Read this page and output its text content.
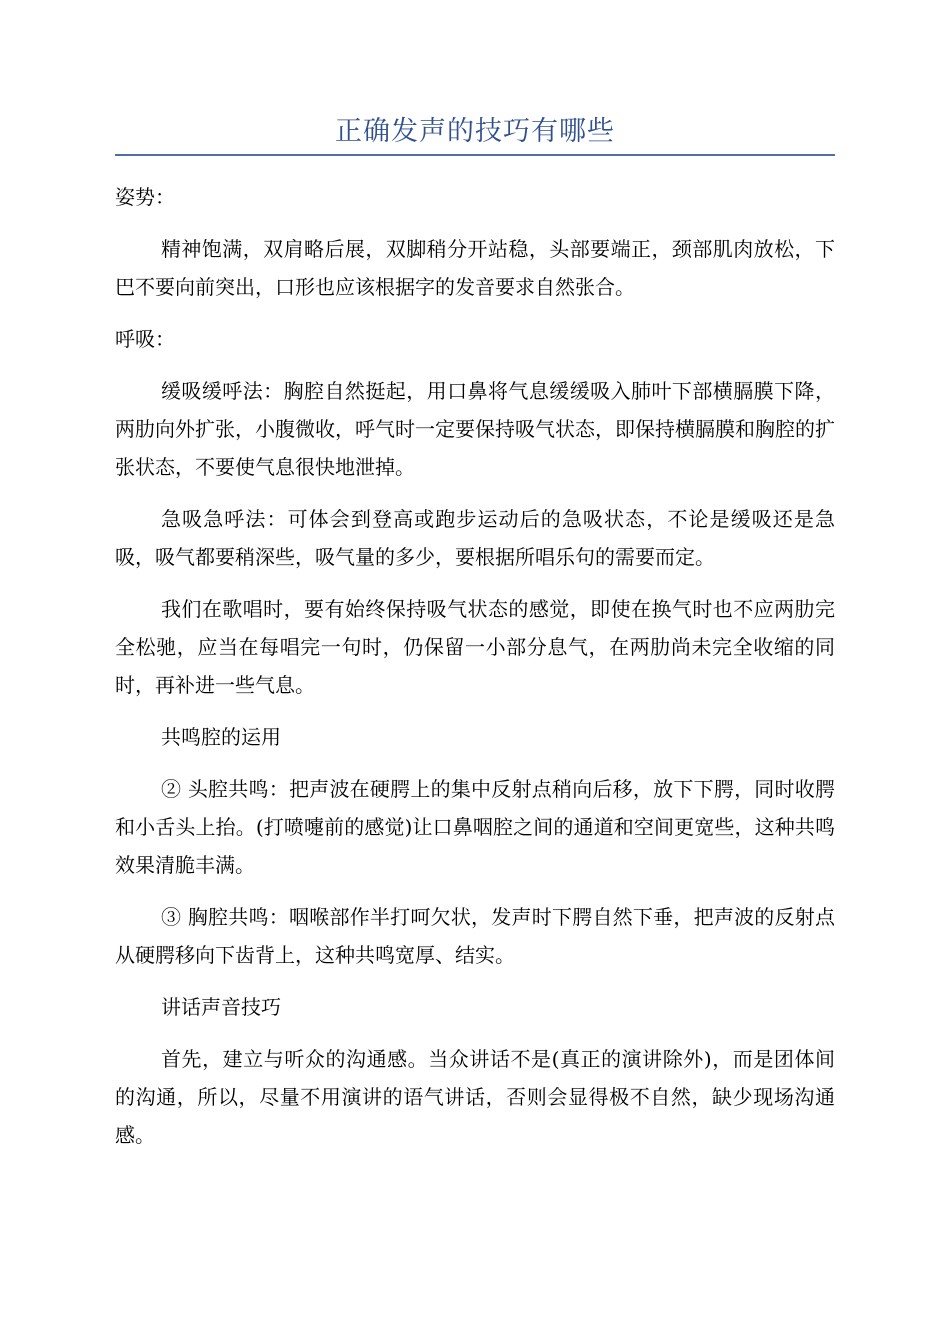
正确发声的技巧有哪些

姿势：

精神饱满，双肩略后展，双脚稍分开站稳，头部要端正，颈部肌肉放松，下巴不要向前突出，口形也应该根据字的发音要求自然张合。

呼吸：

缓吸缓呼法：胸腔自然挺起，用口鼻将气息缓缓吸入肺叶下部横膈膜下降，两肋向外扩张，小腹微收，呼气时一定要保持吸气状态，即保持横膈膜和胸腔的扩张状态，不要使气息很快地泄掉。

急吸急呼法：可体会到登高或跑步运动后的急吸状态，不论是缓吸还是急吸，吸气都要稍深些，吸气量的多少，要根据所唱乐句的需要而定。

我们在歌唱时，要有始终保持吸气状态的感觉，即使在换气时也不应两肋完全松驰，应当在每唱完一句时，仍保留一小部分息气，在两肋尚未完全收缩的同时，再补进一些气息。

共鸣腔的运用

② 头腔共鸣：把声波在硬腭上的集中反射点稍向后移，放下下腭，同时收腭和小舌头上抬。(打喷嚏前的感觉)让口鼻咽腔之间的通道和空间更宽些，这种共鸣效果清脆丰满。

③ 胸腔共鸣：咽喉部作半打呵欠状，发声时下腭自然下垂，把声波的反射点从硬腭移向下齿背上，这种共鸣宽厚、结实。

讲话声音技巧

首先，建立与听众的沟通感。当众讲话不是(真正的演讲除外)，而是团体间的沟通，所以，尽量不用演讲的语气讲话，否则会显得极不自然，缺少现场沟通感。
